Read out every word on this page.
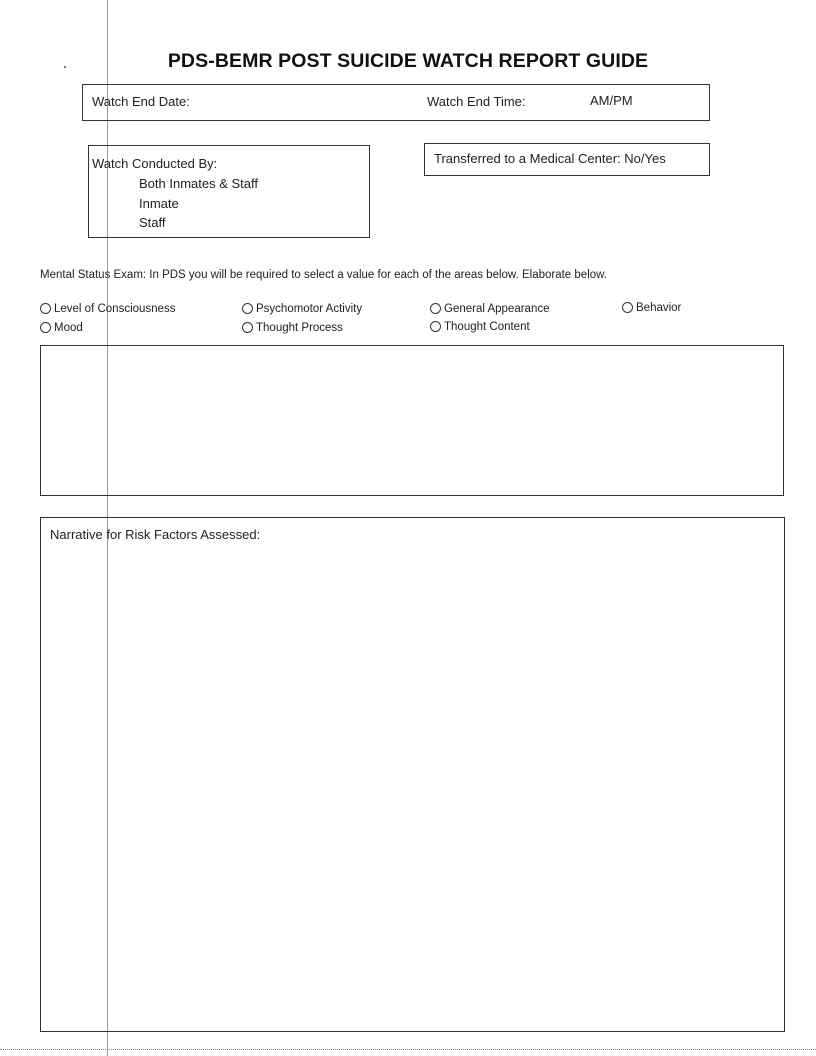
PDS-BEMR POST SUICIDE WATCH REPORT GUIDE
Watch End Date:	Watch End Time:	AM/PM
Watch Conducted By:
Both Inmates & Staff
Inmate
Staff
Transferred to a Medical Center: No/Yes
Mental Status Exam: In PDS you will be required to select a value for each of the areas below. Elaborate below.
Level of Consciousness	Psychomotor Activity	General Appearance	Behavior
Mood	Thought Process	Thought Content
Narrative for Risk Factors Assessed:
